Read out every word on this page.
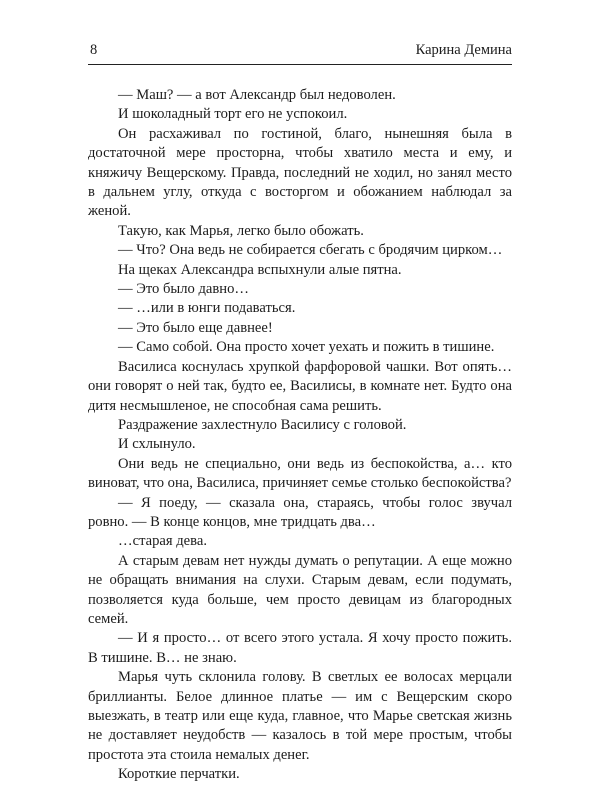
8	Карина Демина

— Маш? — а вот Александр был недоволен.

И шоколадный торт его не успокоил.

Он расхаживал по гостиной, благо, нынешняя была в достаточной мере просторна, чтобы хватило места и ему, и княжичу Вещерскому. Правда, последний не ходил, но занял место в дальнем углу, откуда с восторгом и обожанием наблюдал за женой.

Такую, как Марья, легко было обожать.

— Что? Она ведь не собирается сбегать с бродячим цирком…

На щеках Александра вспыхнули алые пятна.

— Это было давно…

— …или в юнги подаваться.

— Это было еще давнее!

— Само собой. Она просто хочет уехать и пожить в тишине.

Василиса коснулась хрупкой фарфоровой чашки. Вот опять… они говорят о ней так, будто ее, Василисы, в комнате нет. Будто она дитя несмышленое, не способная сама решить.

Раздражение захлестнуло Василису с головой.

И схлынуло.

Они ведь не специально, они ведь из беспокойства, а… кто виноват, что она, Василиса, причиняет семье столько беспокойства?

— Я поеду, — сказала она, стараясь, чтобы голос звучал ровно. — В конце концов, мне тридцать два…

…старая дева.

А старым девам нет нужды думать о репутации. А еще можно не обращать внимания на слухи. Старым девам, если подумать, позволяется куда больше, чем просто девицам из благородных семей.

— И я просто… от всего этого устала. Я хочу просто пожить. В тишине. В… не знаю.

Марья чуть склонила голову. В светлых ее волосах мерцали бриллианты. Белое длинное платье — им с Вещерским скоро выезжать, в театр или еще куда, главное, что Марье светская жизнь не доставляет неудобств — казалось в той мере простым, чтобы простота эта стоила немалых денег.

Короткие перчатки.
